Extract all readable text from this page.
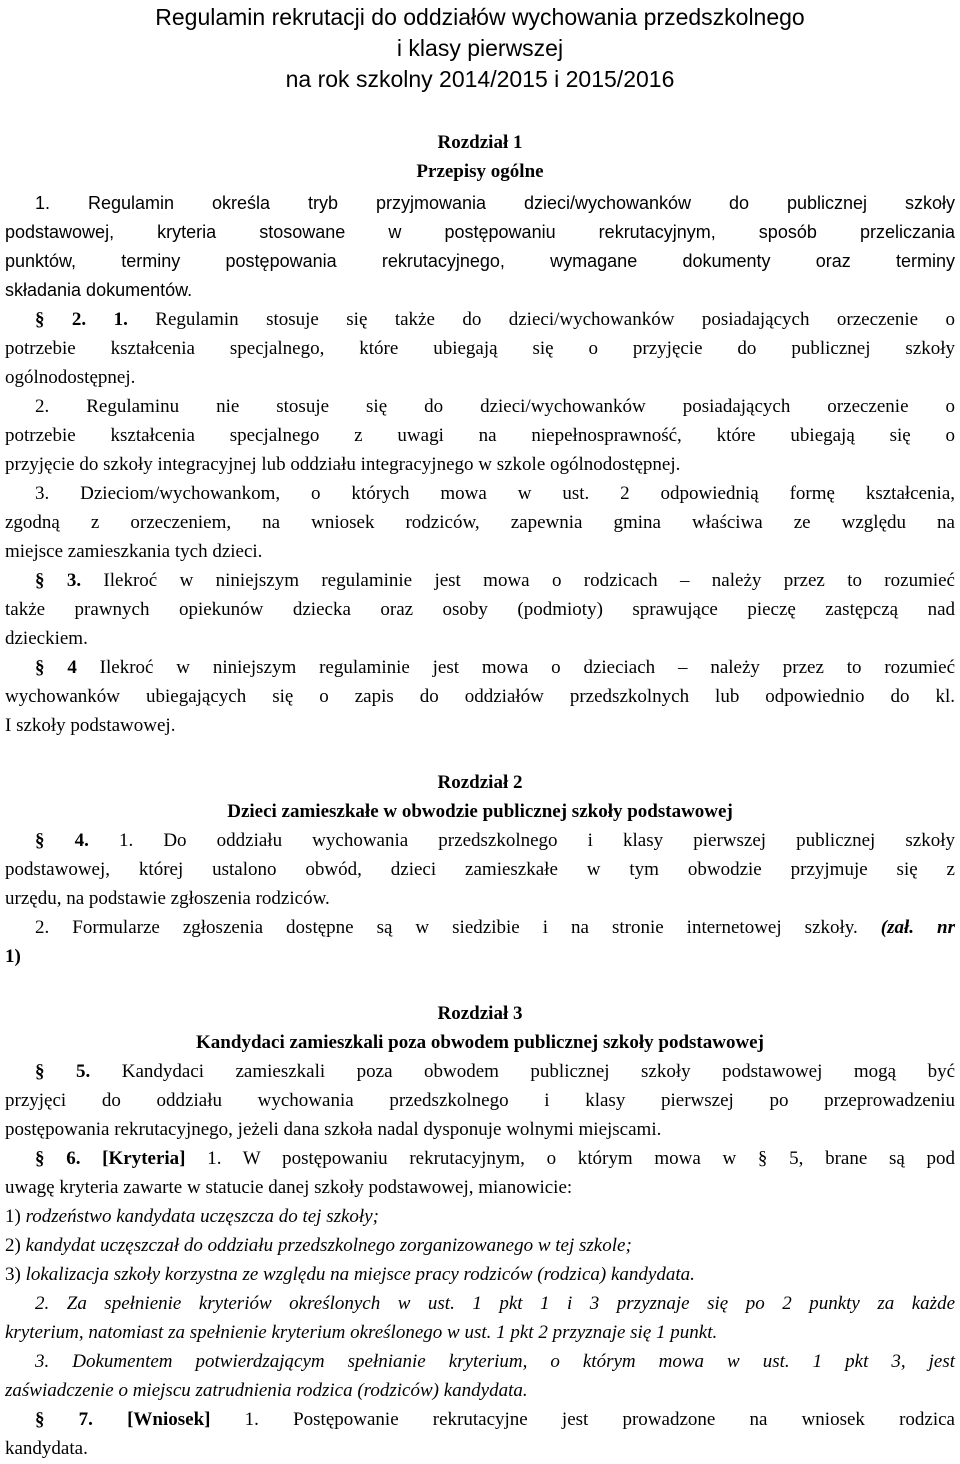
Regulamin rekrutacji do oddziałów wychowania przedszkolnego
i klasy pierwszej
na rok szkolny 2014/2015 i 2015/2016
Rozdział 1
Przepisy ogólne
1. Regulamin określa tryb przyjmowania dzieci/wychowanków do publicznej szkoły
podstawowej, kryteria stosowane w postępowaniu rekrutacyjnym, sposób przeliczania
punktów, terminy postępowania rekrutacyjnego, wymagane dokumenty oraz terminy
składania dokumentów.
§ 2. 1. Regulamin stosuje się także do dzieci/wychowanków posiadających orzeczenie o
potrzebie kształcenia specjalnego, które ubiegają się o przyjęcie do publicznej szkoły
ogólnodostępnej.
2. Regulaminu nie stosuje się do dzieci/wychowanków posiadających orzeczenie o
potrzebie kształcenia specjalnego z uwagi na niepełnosprawność, które ubiegają się o
przyjęcie do szkoły integracyjnej lub oddziału integracyjnego w szkole ogólnodostępnej.
3. Dzieciom/wychowankom, o których mowa w ust. 2 odpowiednią formę kształcenia,
zgodną z orzeczeniem, na wniosek rodziców, zapewnia gmina właściwa ze względu na
miejsce zamieszkania tych dzieci.
§ 3. Ilekroć w niniejszym regulaminie jest mowa o rodzicach – należy przez to rozumieć
także prawnych opiekunów dziecka oraz osoby (podmioty) sprawujące pieczę zastępczą nad
dzieckiem.
§ 4 Ilekroć w niniejszym regulaminie jest mowa o dzieciach – należy przez to rozumieć
wychowanków ubiegających się o zapis do oddziałów przedszkolnych lub odpowiednio do kl.
I szkoły podstawowej.
Rozdział 2
Dzieci zamieszkałe w obwodzie publicznej szkoły podstawowej
§ 4. 1. Do oddziału wychowania przedszkolnego i klasy pierwszej publicznej szkoły
podstawowej, której ustalono obwód, dzieci zamieszkałe w tym obwodzie przyjmuje się z
urzędu, na podstawie zgłoszenia rodziców.
2. Formularze zgłoszenia dostępne są w siedzibie i na stronie internetowej szkoły. (zał. nr
1)
Rozdział 3
Kandydaci zamieszkali poza obwodem publicznej szkoły podstawowej
§ 5. Kandydaci zamieszkali poza obwodem publicznej szkoły podstawowej mogą być
przyjęci do oddziału wychowania przedszkolnego i klasy pierwszej po przeprowadzeniu
postępowania rekrutacyjnego, jeżeli dana szkoła nadal dysponuje wolnymi miejscami.
§ 6. [Kryteria] 1. W postępowaniu rekrutacyjnym, o którym mowa w § 5, brane są pod
uwagę kryteria zawarte w statucie danej szkoły podstawowej, mianowicie:
1) rodzeństwo kandydata uczęszcza do tej szkoły;
2) kandydat uczęszczał do oddziału przedszkolnego zorganizowanego w tej szkole;
3) lokalizacja szkoły korzystna ze względu na miejsce pracy rodziców (rodzica) kandydata.
2. Za spełnienie kryteriów określonych w ust. 1 pkt 1 i 3 przyznaje się po 2 punkty za każde
kryterium, natomiast za spełnienie kryterium określonego w ust. 1 pkt 2 przyznaje się 1 punkt.
3. Dokumentem potwierdzającym spełnianie kryterium, o którym mowa w ust. 1 pkt 3, jest
zaświadczenie o miejscu zatrudnienia rodzica (rodziców) kandydata.
§ 7. [Wniosek] 1. Postępowanie rekrutacyjne jest prowadzone na wniosek rodzica
kandydata.
